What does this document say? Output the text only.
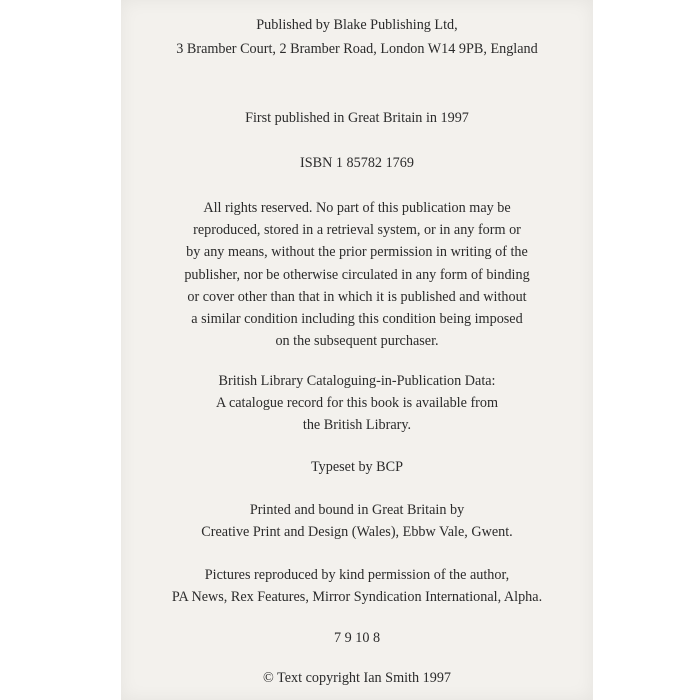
Published by Blake Publishing Ltd,
3 Bramber Court, 2 Bramber Road, London W14 9PB, England
First published in Great Britain in 1997
ISBN 1 85782 1769
All rights reserved. No part of this publication may be
reproduced, stored in a retrieval system, or in any form or
by any means, without the prior permission in writing of the
publisher, nor be otherwise circulated in any form of binding
or cover other than that in which it is published and without
a similar condition including this condition being imposed
on the subsequent purchaser.
British Library Cataloguing-in-Publication Data:
A catalogue record for this book is available from
the British Library.
Typeset by BCP
Printed and bound in Great Britain by
Creative Print and Design (Wales), Ebbw Vale, Gwent.
Pictures reproduced by kind permission of the author,
PA News, Rex Features, Mirror Syndication International, Alpha.
7 9 10 8
© Text copyright Ian Smith 1997
